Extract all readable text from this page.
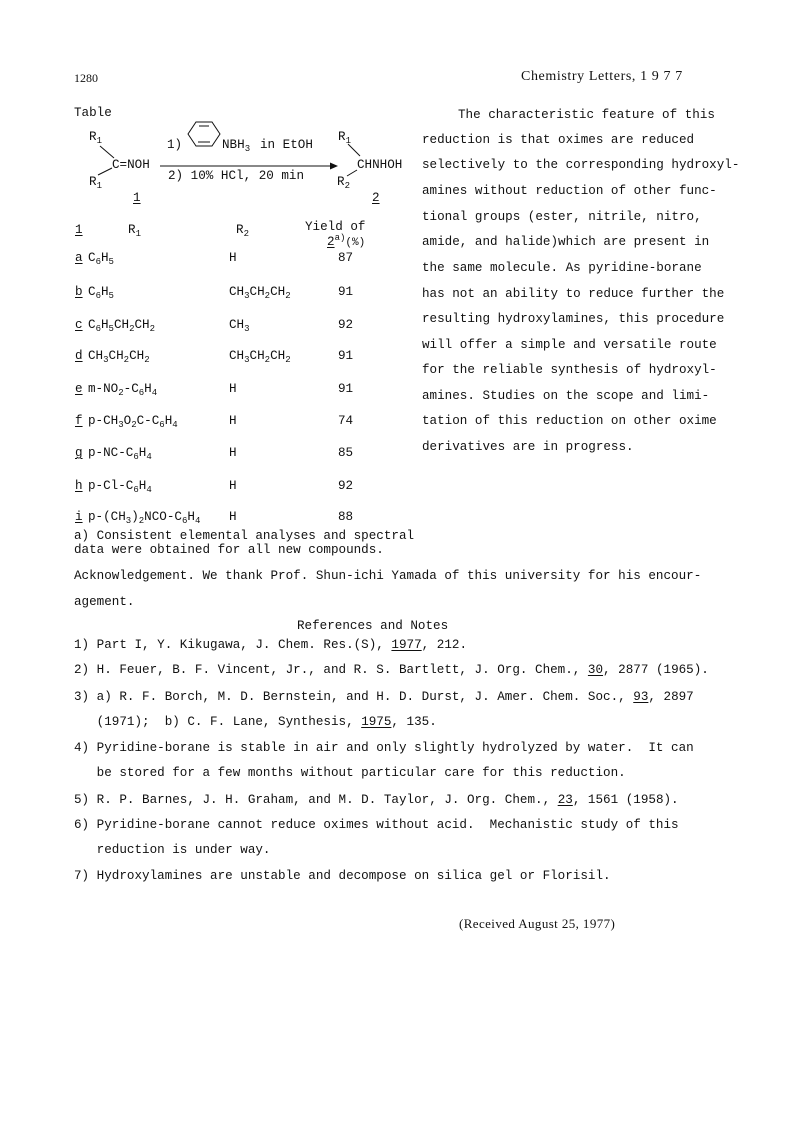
1280	Chemistry Letters, 1 9 7 7
Table
$R_1$
C=NOH
$R_1$
1
1)	$NBH_3$ in EtOH
2) 10% HCl, 20 min
$R_1$
CHNHOH
$R_2$
2
1	$R_1$	$R_2$	Yield of
2$^{a)}$(%)
a $C_6H_5$	H	87
b $C_6H_5$	$CH_3CH_2CH_2$	91
c $C_6H_5CH_2CH_2$	$CH_3$	92
d $CH_3CH_2CH_2$	$CH_3CH_2CH_2$	91
e $m-NO_2-C_6H_4$	H	91
f $p-CH_3O_2C-C_6H_4$	H	74
g $p-NC-C_6H_4$	H	85
h $p-Cl-C_6H_4$	H	92
i $p-(CH_3)_2NCO-C_6H_4$ H	88
a) Consistent elemental analyses and spectral
data were obtained for all new compounds.
The characteristic feature of this
reduction is that oximes are reduced
selectively to the corresponding hydroxyl-
amines without reduction of other func-
tional groups (ester, nitrile, nitro,
amide, and halide)which are present in
the same molecule. As pyridine-borane
has not an ability to reduce further the
resulting hydroxylamines, this procedure
will offer a simple and versatile route
for the reliable synthesis of hydroxyl-
amines. Studies on the scope and limi-
tation of this reduction on other oxime
derivatives are in progress.
Acknowledgement. We thank Prof. Shun-ichi Yamada of this university for his encour-
agement.
References and Notes
1) Part I, Y. Kikugawa, J. Chem. Res.(S), 1977, 212.
2) H. Feuer, B. F. Vincent, Jr., and R. S. Bartlett, J. Org. Chem., 30, 2877 (1965).
3) a) R. F. Borch, M. D. Bernstein, and H. D. Durst, J. Amer. Chem. Soc., 93, 2897
(1971);  b) C. F. Lane, Synthesis, 1975, 135.
4) Pyridine-borane is stable in air and only slightly hydrolyzed by water.  It can
be stored for a few months without particular care for this reduction.
5) R. P. Barnes, J. H. Graham, and M. D. Taylor, J. Org. Chem., 23, 1561 (1958).
6) Pyridine-borane cannot reduce oximes without acid.  Mechanistic study of this
reduction is under way.
7) Hydroxylamines are unstable and decompose on silica gel or Florisil.
(Received August 25, 1977)
